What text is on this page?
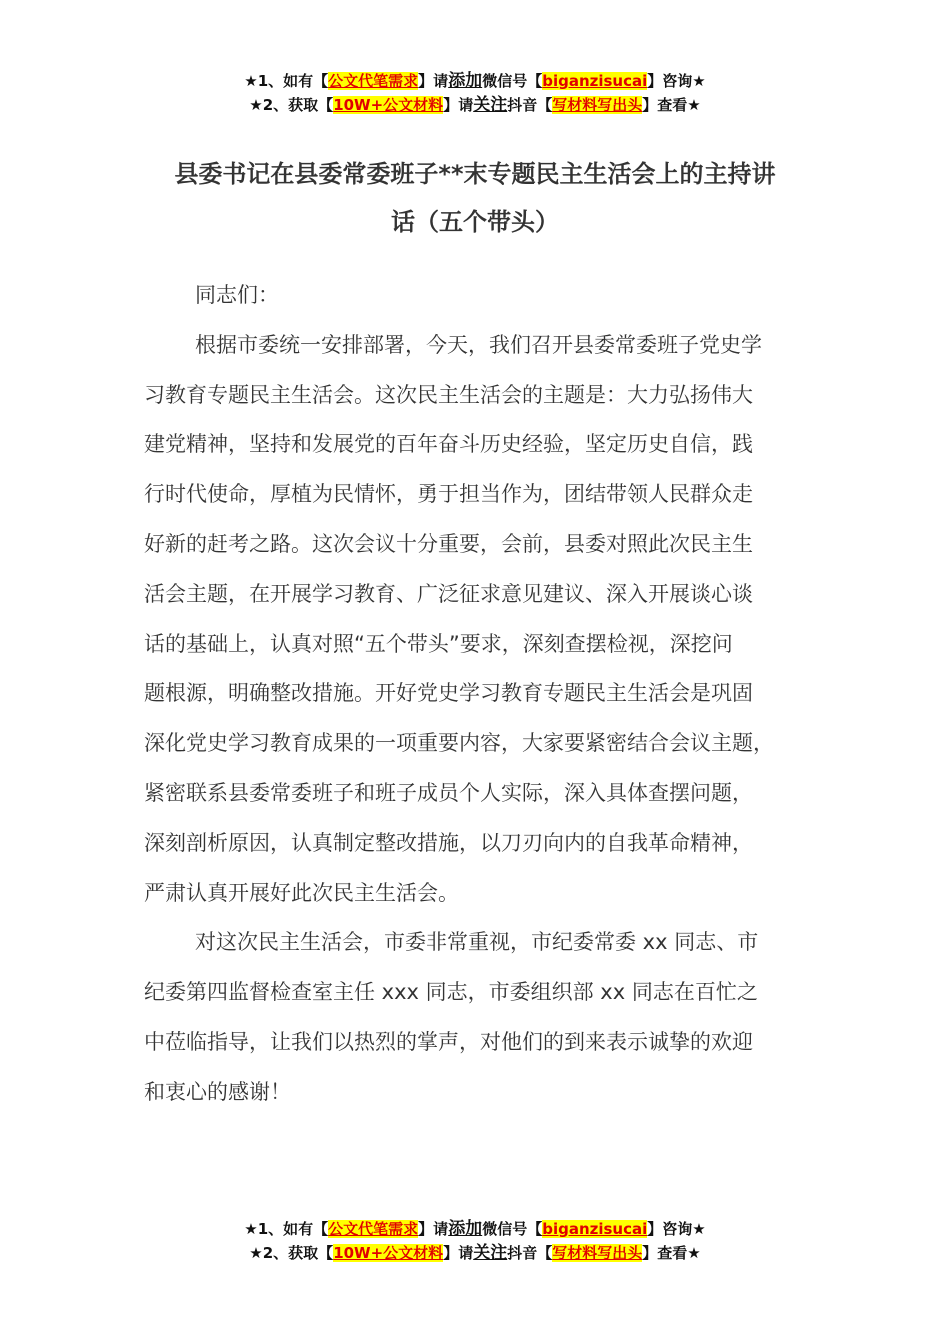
★1、如有【公文代笔需求】请添加微信号【biganzisucai】咨询★
★2、获取【10W+公文材料】请关注抖音【写材料写出头】查看★
县委书记在县委常委班子**末专题民主生活会上的主持讲
话（五个带头）
同志们：
根据市委统一安排部署，今天，我们召开县委常委班子党史学
习教育专题民主生活会。这次民主生活会的主题是：大力弘扬伟大
建党精神，坚持和发展党的百年奋斗历史经验，坚定历史自信，践
行时代使命，厚植为民情怀，勇于担当作为，团结带领人民群众走
好新的赶考之路。这次会议十分重要，会前，县委对照此次民主生
活会主题，在开展学习教育、广泛征求意见建议、深入开展谈心谈
话的基础上，认真对照“五个带头”要求，深刻查摆检视，深挖问
题根源，明确整改措施。开好党史学习教育专题民主生活会是巩固
深化党史学习教育成果的一项重要内容，大家要紧密结合会议主题，
紧密联系县委常委班子和班子成员个人实际，深入具体查摆问题，
深刻剖析原因，认真制定整改措施，以刀刃向内的自我革命精神，
严肃认真开展好此次民主生活会。
对这次民主生活会，市委非常重视，市纪委常委 xx 同志、市
纪委第四监督检查室主任 xxx 同志，市委组织部 xx 同志在百忙之
中莅临指导，让我们以热烈的掌声，对他们的到来表示诚挚的欢迎
和衷心的感谢！
★1、如有【公文代笔需求】请添加微信号【biganzisucai】咨询★
★2、获取【10W+公文材料】请关注抖音【写材料写出头】查看★
